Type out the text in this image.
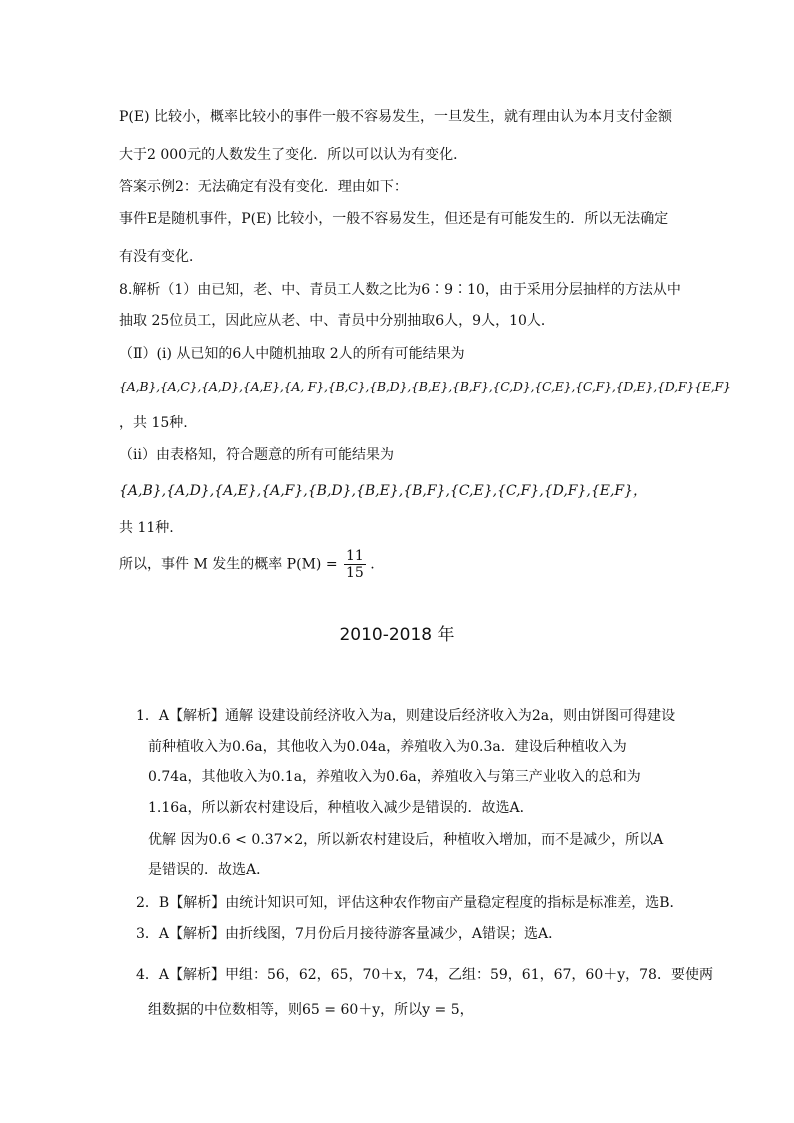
P(E) 比较小，概率比较小的事件一般不容易发生，一旦发生，就有理由认为本月支付金额
大于2 000元的人数发生了变化．所以可以认为有变化．
答案示例2：无法确定有没有变化．理由如下：
事件E是随机事件，P(E) 比较小，一般不容易发生，但还是有可能发生的．所以无法确定
有没有变化．
8.解析（1）由已知，老、中、青员工人数之比为6∶9∶10，由于采用分层抽样的方法从中
抽取 25位员工，因此应从老、中、青员中分别抽取6人，9人，10人．
（Ⅱ）(i) 从已知的6人中随机抽取 2人的所有可能结果为
{A,B},{A,C},{A,D},{A,E},{A, F},{B,C},{B,D},{B,E},{B,F},{C,D},{C,E},{C,F},{D,E},{D,F}{E,F}
，共 15种.
（ii）由表格知，符合题意的所有可能结果为
{A,B},{A,D},{A,E},{A,F},{B,D},{B,E},{B,F},{C,E},{C,F},{D,F},{E,F}，
共 11种.
所以，事件 M 发生的概率 $P(M) = \frac{11}{15}$ .
2010-2018 年
1．A【解析】通解 设建设前经济收入为a，则建设后经济收入为2a，则由饼图可得建设
前种植收入为0.6a，其他收入为0.04a，养殖收入为0.3a．建设后种植收入为
0.74a，其他收入为0.1a，养殖收入为0.6a，养殖收入与第三产业收入的总和为
1.16a，所以新农村建设后，种植收入减少是错误的．故选A．
优解 因为0.6 < 0.37×2，所以新农村建设后，种植收入增加，而不是减少，所以A
是错误的．故选A．
2．B【解析】由统计知识可知，评估这种农作物亩产量稳定程度的指标是标准差，选B．
3．A【解析】由折线图，7月份后月接待游客量减少，A错误；选A．
4．A【解析】甲组：56，62，65，70＋x，74，乙组：59，61，67，60＋y，78．要使两
组数据的中位数相等，则65 = 60＋y，所以y = 5，
